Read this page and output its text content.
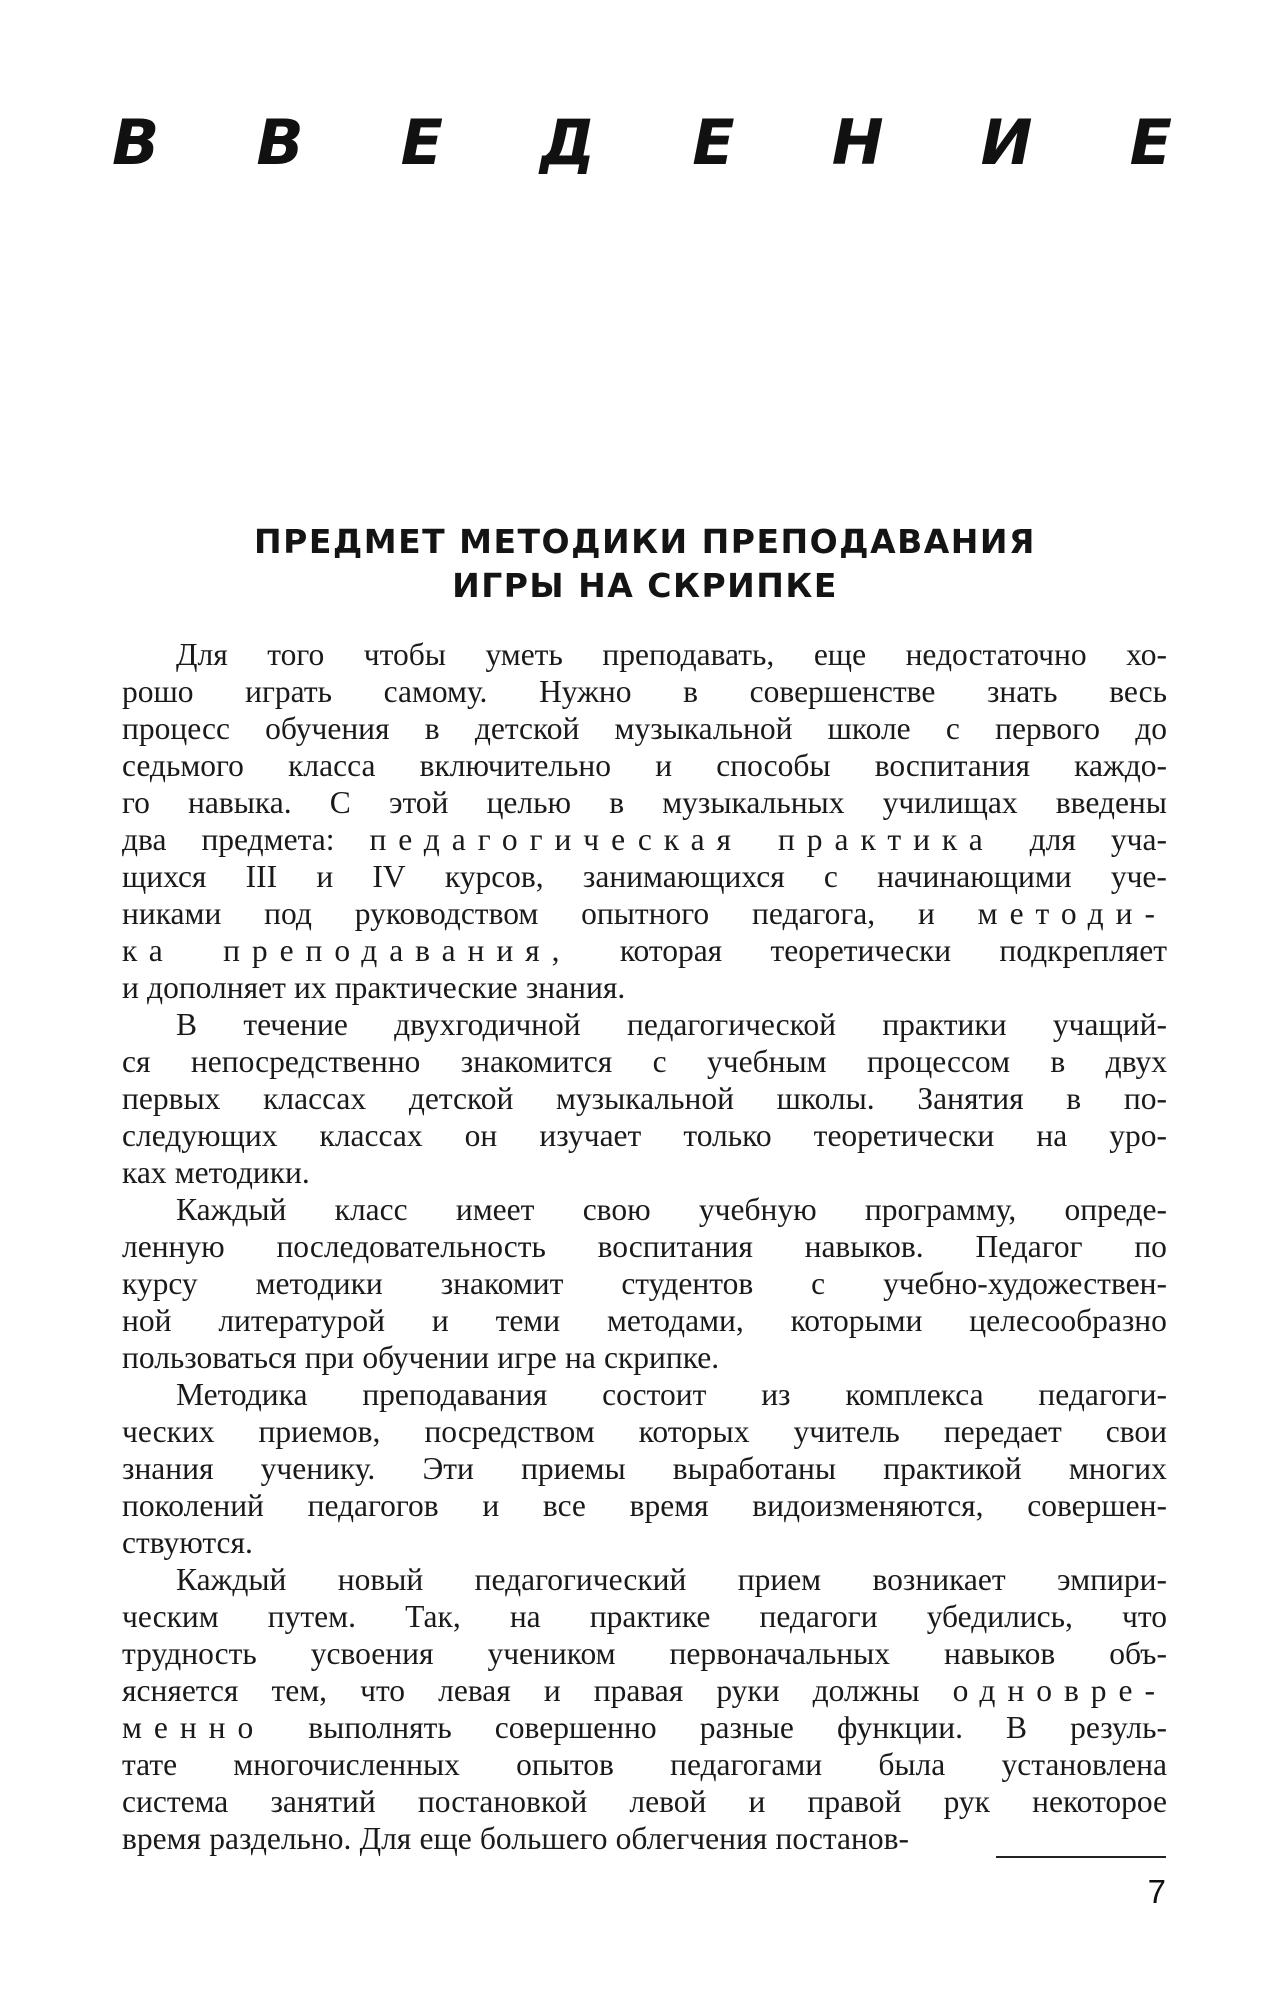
В В Е Д Е Н И Е
ПРЕДМЕТ МЕТОДИКИ ПРЕПОДАВАНИЯ
ИГРЫ НА СКРИПКЕ
Для того чтобы уметь преподавать, еще недостаточно хо-
рошо играть самому. Нужно в совершенстве знать весь
процесс обучения в детской музыкальной школе с первого до
седьмого класса включительно и способы воспитания каждо-
го навыка. С этой целью в музыкальных училищах введены
два предмета: педагогическая практика для уча-
щихся III и IV курсов, занимающихся с начинающими уче-
никами под руководством опытного педагога, и методи-
ка преподавания, которая теоретически подкрепляет
и дополняет их практические знания.
В течение двухгодичной педагогической практики учащий-
ся непосредственно знакомится с учебным процессом в двух
первых классах детской музыкальной школы. Занятия в по-
следующих классах он изучает только теоретически на уро-
ках методики.
Каждый класс имеет свою учебную программу, опреде-
ленную последовательность воспитания навыков. Педагог по
курсу методики знакомит студентов с учебно-художествен-
ной литературой и теми методами, которыми целесообразно
пользоваться при обучении игре на скрипке.
Методика преподавания состоит из комплекса педагоги-
ческих приемов, посредством которых учитель передает свои
знания ученику. Эти приемы выработаны практикой многих
поколений педагогов и все время видоизменяются, совершен-
ствуются.
Каждый новый педагогический прием возникает эмпири-
ческим путем. Так, на практике педагоги убедились, что
трудность усвоения учеником первоначальных навыков объ-
ясняется тем, что левая и правая руки должны одновре-
менно выполнять совершенно разные функции. В резуль-
тате многочисленных опытов педагогами была установлена
система занятий постановкой левой и правой рук некоторое
время раздельно. Для еще большего облегчения постанов-
7
